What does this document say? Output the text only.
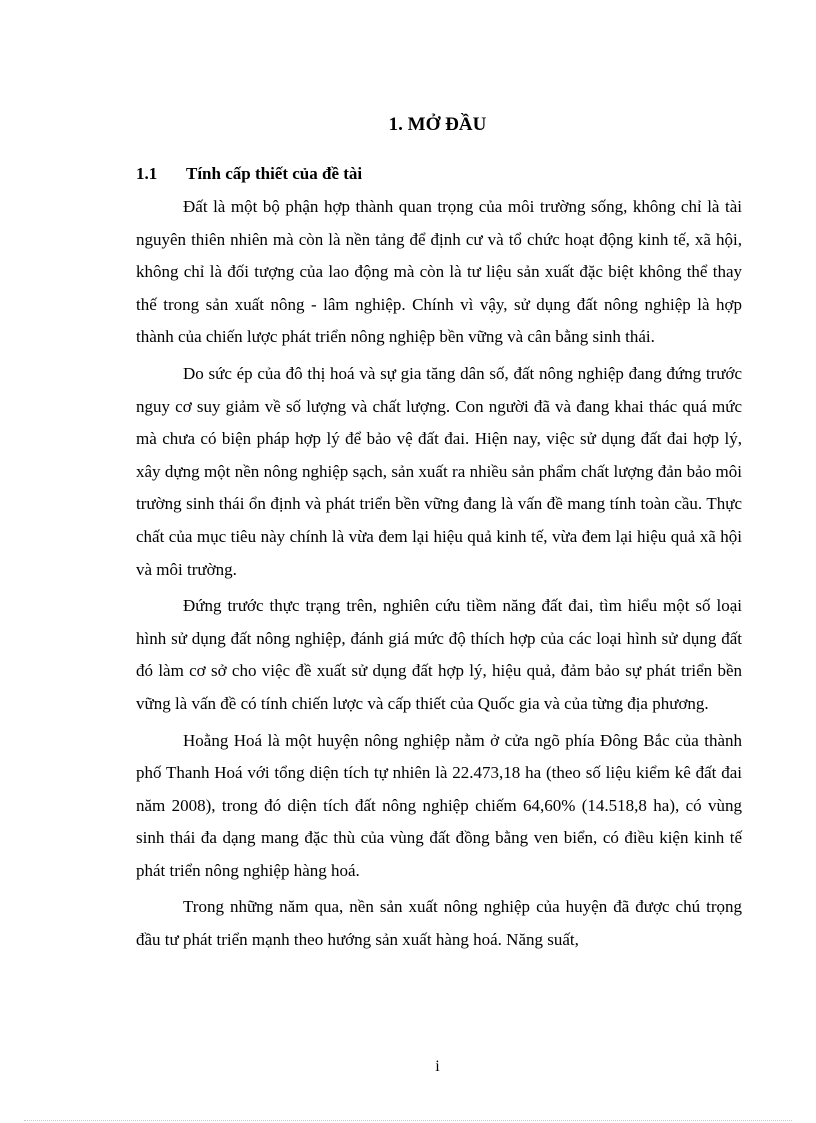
1. MỞ ĐẦU
1.1 Tính cấp thiết của đề tài

Đất là một bộ phận hợp thành quan trọng của môi trường sống, không chỉ là tài nguyên thiên nhiên mà còn là nền tảng để định cư và tổ chức hoạt động kinh tế, xã hội, không chỉ là đối tượng của lao động mà còn là tư liệu sản xuất đặc biệt không thể thay thế trong sản xuất nông - lâm nghiệp. Chính vì vậy, sử dụng đất nông nghiệp là hợp thành của chiến lược phát triển nông nghiệp bền vững và cân bằng sinh thái.

Do sức ép của đô thị hoá và sự gia tăng dân số, đất nông nghiệp đang đứng trước nguy cơ suy giảm về số lượng và chất lượng. Con người đã và đang khai thác quá mức mà chưa có biện pháp hợp lý để bảo vệ đất đai. Hiện nay, việc sử dụng đất đai hợp lý, xây dựng một nền nông nghiệp sạch, sản xuất ra nhiều sản phẩm chất lượng đản bảo môi trường sinh thái ổn định và phát triển bền vững đang là vấn đề mang tính toàn cầu. Thực chất của mục tiêu này chính là vừa đem lại hiệu quả kinh tế, vừa đem lại hiệu quả xã hội và môi trường.

Đứng trước thực trạng trên, nghiên cứu tiềm năng đất đai, tìm hiểu một số loại hình sử dụng đất nông nghiệp, đánh giá mức độ thích hợp của các loại hình sử dụng đất đó làm cơ sở cho việc đề xuất sử dụng đất hợp lý, hiệu quả, đảm bảo sự phát triển bền vững là vấn đề có tính chiến lược và cấp thiết của Quốc gia và của từng địa phương.

Hoằng Hoá là một huyện nông nghiệp nằm ở cửa ngõ phía Đông Bắc của thành phố Thanh Hoá với tổng diện tích tự nhiên là 22.473,18 ha (theo số liệu kiểm kê đất đai năm 2008), trong đó diện tích đất nông nghiệp chiếm 64,60% (14.518,8 ha), có vùng sinh thái đa dạng mang đặc thù của vùng đất đồng bằng ven biển, có điều kiện kinh tế phát triển nông nghiệp hàng hoá.

Trong những năm qua, nền sản xuất nông nghiệp của huyện đã được chú trọng đầu tư phát triển mạnh theo hướng sản xuất hàng hoá. Năng suất,

i
